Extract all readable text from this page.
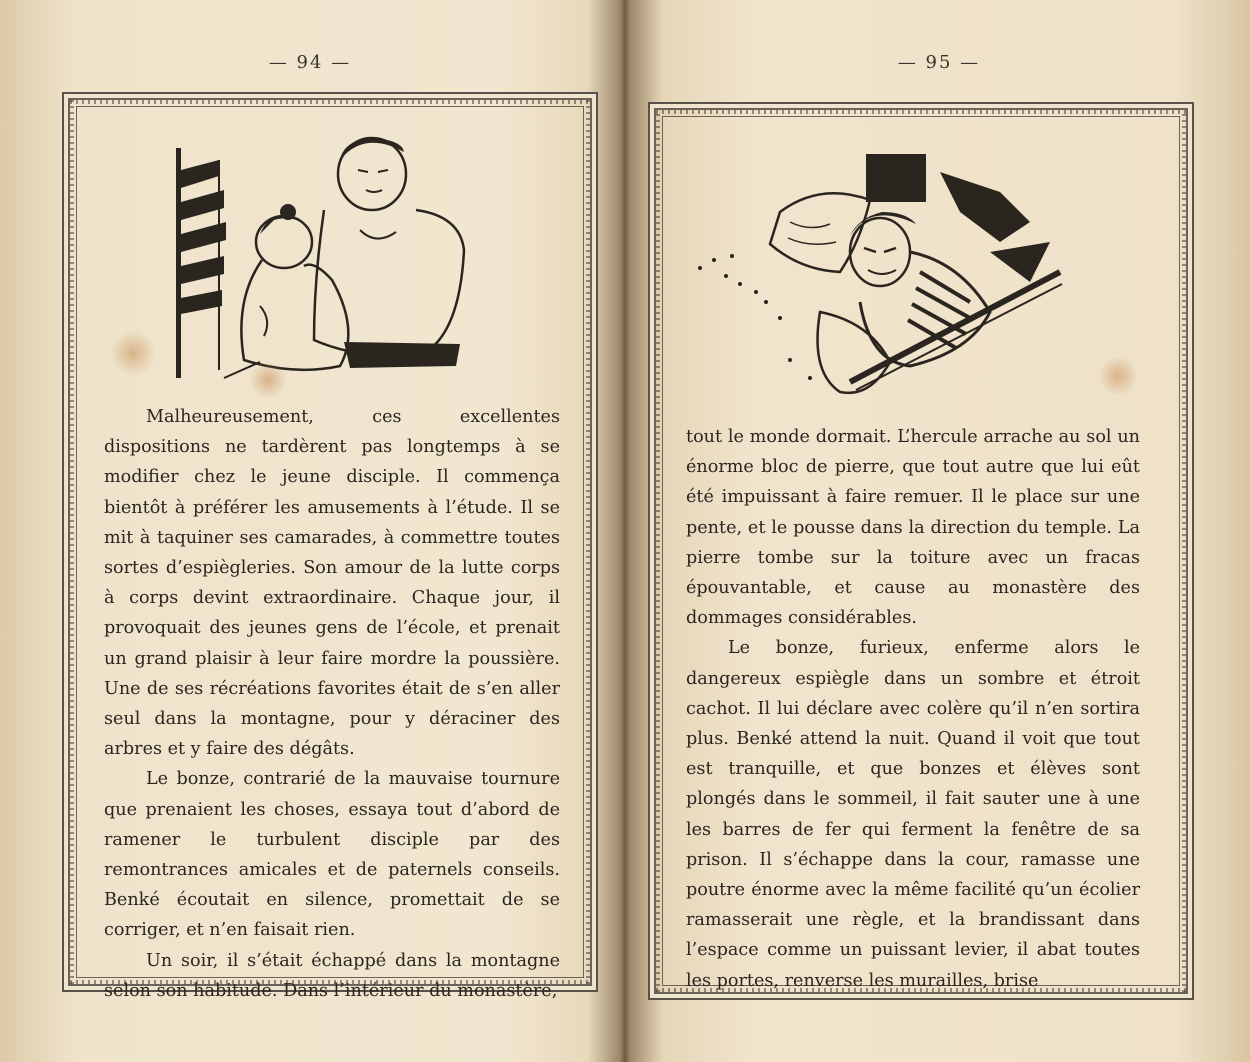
— 94 —

Malheureusement, ces excellentes dispositions ne tardèrent pas longtemps à se modifier chez le jeune disciple. Il commença bientôt à préférer les amusements à l’étude. Il se mit à taquiner ses camarades, à commettre toutes sortes d’espiègleries. Son amour de la lutte corps à corps devint extraordinaire. Chaque jour, il provoquait des jeunes gens de l’école, et prenait un grand plaisir à leur faire mordre la poussière. Une de ses récréations favorites était de s’en aller seul dans la montagne, pour y déraciner des arbres et y faire des dégâts.

Le bonze, contrarié de la mauvaise tournure que prenaient les choses, essaya tout d’abord de ramener le turbulent disciple par des remontrances amicales et de paternels conseils. Benké écoutait en silence, promettait de se corriger, et n’en faisait rien.

Un soir, il s’était échappé dans la montagne selon son habitude. Dans l’intérieur du monastère,

— 95 —

tout le monde dormait. L’hercule arrache au sol un énorme bloc de pierre, que tout autre que lui eût été impuissant à faire remuer. Il le place sur une pente, et le pousse dans la direction du temple. La pierre tombe sur la toiture avec un fracas épouvantable, et cause au monastère des dommages considérables.

Le bonze, furieux, enferme alors le dangereux espiègle dans un sombre et étroit cachot. Il lui déclare avec colère qu’il n’en sortira plus. Benké attend la nuit. Quand il voit que tout est tranquille, et que bonzes et élèves sont plongés dans le sommeil, il fait sauter une à une les barres de fer qui ferment la fenêtre de sa prison. Il s’échappe dans la cour, ramasse une poutre énorme avec la même facilité qu’un écolier ramasserait une règle, et la brandissant dans l’espace comme un puissant levier, il abat toutes les portes, renverse les murailles, brise
